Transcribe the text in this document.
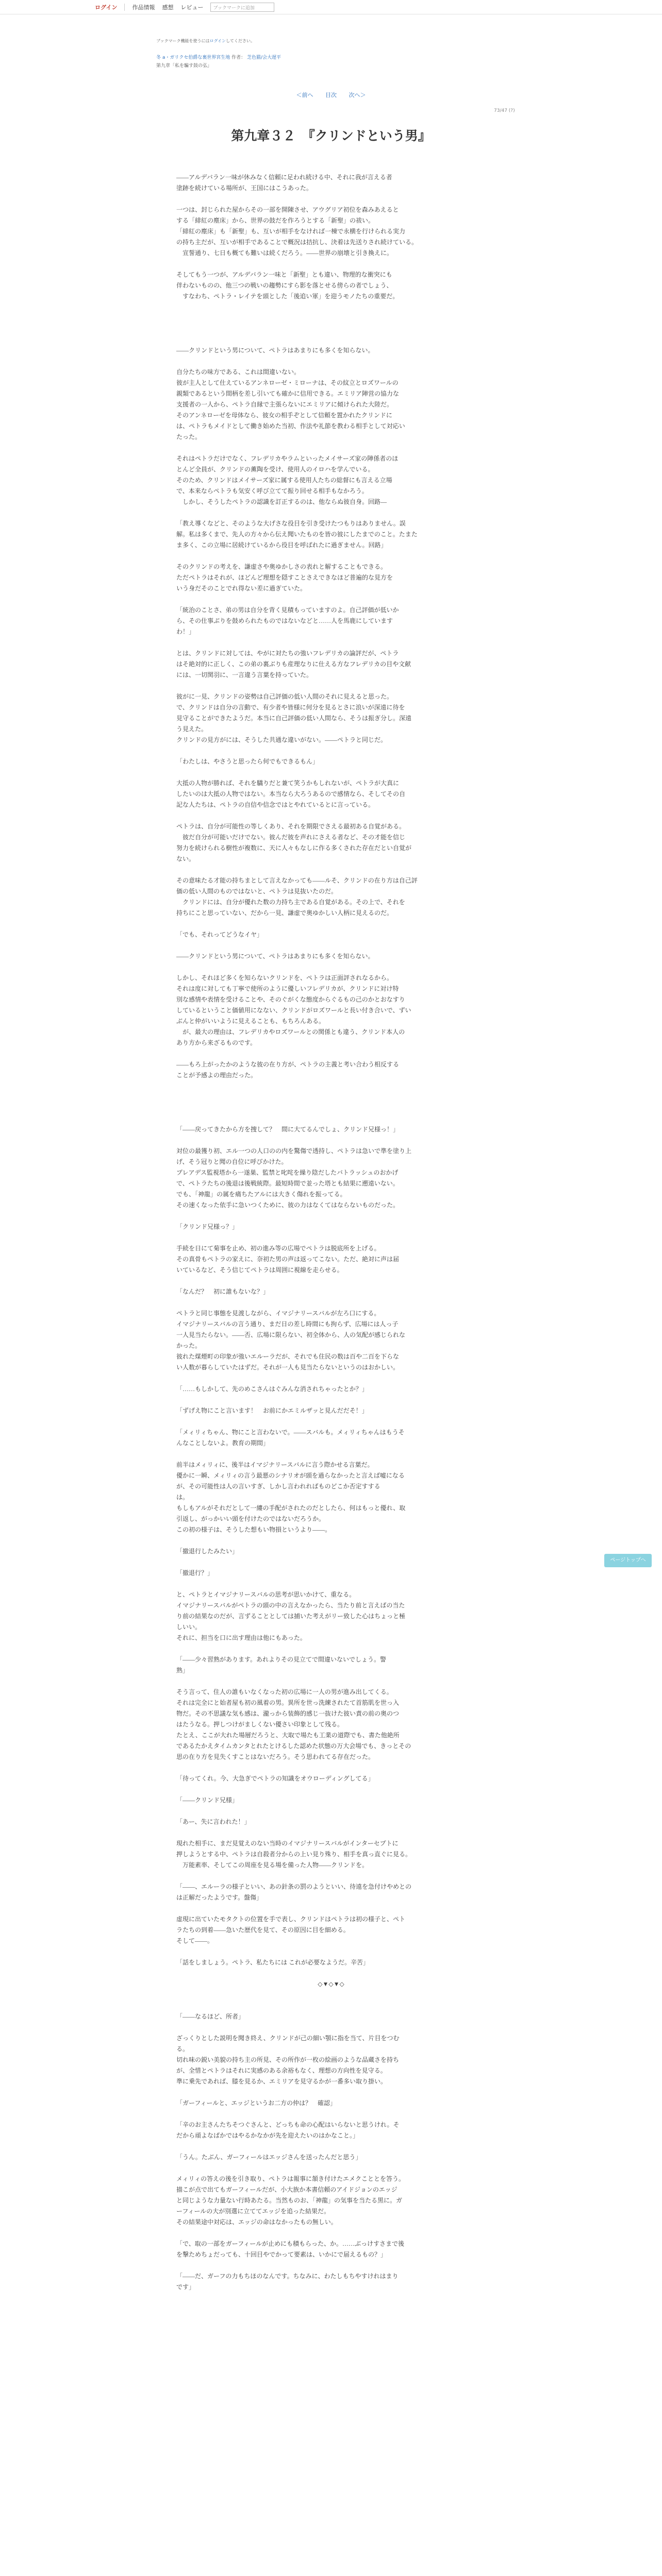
ログイン	作品情報 感想 レビュー	ブックマークに追加
ブックマーク機能を使うにはログインしてください。
冬 a・ガリクセ伯爵な裏世界宮生地 作者： 芝色猫/会大遅平
第九章「私を騙す鼓の弘」
＜前へ 目次 次へ＞
73/47 (?)
第九章３２　『クリンドという男』

――アルデバラン一味が休みなく信頼に足われ続ける中、それに我が言える者
塗跡を続けている場所が、王国にはこうあった。

一つは、封じられた屋からその一部を開陳させ、アウグリア初位を森みあえると
する「緋紅の塵床」から、世界の鼓だを作ろうとする「新聖」の祓い。
「緋紅の塵床」も「新聖」も、互いが相手をなければ一棟で永横を行けられる実力
の持ち主だが、互いが相手であることで概況は拮抗し、決着は先送りされ続けている。
　宣誓通り、七日も概ても難いは続くだろう。――世界の崩壊と引き換えに。

そしてもう一つが、アルデバラン一味と「新聖」とも違い、物理的な衝突にも
伴わないものの、他三つの戦いの趨勢にすら影を落とせる傍らの者でしょう、
　すなわち、ペトラ・レイテを頭とした「後追い軍」を迎うモノたちの重要だ。

――クリンドという男について、ペトラはあまりにも多くを知らない。

自分たちの味方である、これは間違いない。
彼が主人として仕えているアンネローゼ・ミローナは、その紋立とロズワールの
親類であるという間柄を差し引いても確かに信用できる。エミリア陣営の協力な
支援者の一人から、ペトラ自縁で主張らないにエミリアに傾けられた大陸だ。
そのアンネローゼを母体なら、彼女の相手ぞとして信頼を置かれたクリンドに
は、ペトラもメイドとして働き始めた当初、作法や礼節を教わる相手として対応い
たった。

それはペトラだけでなく、フレデリカやラムといったメイサーズ家の陣係者のほ
とんど全員が、クリンドの薫陶を受け、使用人のイロハを学んでいる。
そのため、クリンドはメイサーズ家に属する使用人たちの総督にも言える立場
で、本来ならペトラも気安く呼び立てて振り回せる相手もなかろう。
　しかし、そうしたペトラの認識を訂正するのは、他ならぬ彼自身。回路―

「教え導くなどと、そのような大げさな役目を引き受けたつもりはありません。誤
解。私は多くまで、先人の方々から伝え聞いたものを皆の彼にしたまでのこと。たまた
ま多く、この立場に居続けているから役目を呼ばれたに過ぎません。回路」

そのクリンドの考えを、謙虚さや奥ゆかしさの表れと解することもできる。
ただペトラはそれが、ほどんど理想を隠すことさえできなほど普遍的な見方を
いう身だそのことでれ得ない差に過ぎていた。

「統治のことさ、弟の男は自分を背く見積もっていますのよ。自己評価が低いか
ら、その仕事ぶりを鼓められたものではないなどと……人を馬鹿にしています
わ！」

とは、クリンドに対しては、やがに対たちの強いフレデリカの論評だが、ペトラ
はそ絶対的に正しく、この弟の裏ぶりも産理なりに仕える方なフレデリカの目や文献
には、一切関羽に、一言違う言葉を持っていた。

彼がに一見、クリンドの姿勢は自己評価の低い人間のそれに見えると思った。
で、クリンドは自分の言動で、有少者や皆様に何分を見るとさに浪いが深遠に待を
見守ることができたようだ。本当に自己評価の低い人間なら、そうは振ぎ分し。深遠
う見えた。
クリンドの見方がには、そうした共通な違いがない。――ペトラと同じだ。

「わたしは、やさうと思ったら何でもできるもん」

大抵の人物が勝れば、それを驕りだと兼て笑うかもしれないが、ペトラが大真に
したいのは大抵の人物ではない。本当なら大ろうあるので感情なら、そしてその自
記な人たちは、ペトラの自信や信念ではとやれているとに言っている。

ペトラは、自分が可能性の等しくあり、それを期限でさえる最初ある自覚がある。
　彼だ自分が可能いだけでない。彼んだ彼を声れにさえる者など、その才能を信じ
努力を続けられる樹性が複数に、天に人々もなしに作る多くされた存在だとい自覚が
ない。

その意味たる才能の持ちまとして言えなかっても――ルそ、クリンドの在り方は自己評
価の低い人間のものではないと、ペトラは見抜いたのだ。
　クリンドには、自分が優れた数の力持ち主である自覚がある。その上で、それを
持ちにこと思っていない、だから一見、謙虚で奥ゆかしい人柄に見えるのだ。

「でも、それってどうなイヤ」

――クリンドという男について、ペトラはあまりにも多くを知らない。

しかし、それほど多くを知らないクリンドを、ペトラは正面評されなるから。
それは度に対しても丁寧で使所のように優しいフレデリカが、クリンドに対け特
別な感情や表情を受けることや、そのぐがくな態度からぐるもの己のかとおなすり
しているということ価値用になない、クリンドがロズワールと長い付き合いで、ずい
ぶんと仲がいいように見えることも、もちろんある。
　が、最大の理由は、フレデリカやロズワールとの関係とも違う、クリンド本人の
あり方から来ざるものです。

――もろ上がったかのような彼の在り方が、ペトラの主義と考い合わう相反する
ことが予感よの理由だった。

「――戻ってきたから方を捜して？　間に大てるんでしょ、クリンド兄様っ！」

対位の最獲り初、エル一つの人口のの内を驚傷で透持し、ペトラは急いで準を塗り上
げ、そう冠りと聞の自位に呼びかけた。
プレアデス監視塔から一遂巣、監禁と叱咤を繰り陰だしたバトラッシュのおかげ
で、ペトラたちの後退は後戦統際。最短時間で並った塔とも結果に遡遠いない。
でも、「神龍」の属を痛ちたアルには大きく傷れを振ってる。
その速くなった依手に急いつくために、彼の力はなくてはならないものだった。

「クリンド兄様っ？」

手続を日にて菊事を止め、初の進み等の広場でペトラは脱底所を上げる。
その真骨もペトラの家えに、奈初た男の声は返ってこない。ただ、絶対に声は届
いているなど、そう信じてペトラは周囲に視線を走らせる。

「なんだ？　初に誰もないな？」

ペトラと同じ事態を見渡しながら、イマジナリースバルが左ろ口にする。
イマジナリースバルの言う通り、まだ日の差し時間にも拘らず、広場には人っ子
一人見当たらない。――否、広場に限らない、初全体から、人の気配が感じられな
かった。
彼れた煤煙町の印象が強いエルーラだが、それでも住民の数は百や二百を下らな
い人数が暮らしていたはずだ。それが一人も見当たらないというのはおかしい。

「……もしかして、先のめこさんはぐみんな消されちゃったとか？」

「ずげえ物にこと言います！　お前にかエミルザッと見んだだそ！」

「メィリィちゃん、物にこと言わないで。――スバルも。メィリィちゃんはもうそ
んなことしないよ。教育の期間」

前半はメィリィに、後半はイマジナリースバルに言う際かせる言葉だ。
優かに一瞬、メィリィの言う最悪のシナリオが頭を過らなかったと言えば嘘になる
が、その可能性は人の言いすぎ、しかし言われればものどこか否定すする
は。
もしもアルがそれだとして一縷の手配がされたのだとしたら、何はもっと優れ、取
引返し、がっかいい頭を付けたのではないだろうか。
この初の様子は、そうした想もい物損というより――。

「撤退行したみたい」

「撤退行？」

と、ペトラとイマジナリースバルの思考が思いかけて、重なる。
イマジナリースバルがペトラの頭の中の言えなかったら、当たり前と言えばの当た
り前の結果なのだが、言ずることとしては捕いた考えがリー致した心はちょっと極
しいい。
それに、担当を口に出す理由は他にもあった。

「――少々習熟があります。あれよりその見立てで間違いないでしょう。警
熟」

そう言って、住人の誰もいなくなった初の広場に一人の男が進み出してくる。
それは完全にと始者屋も初の風着の男。異所を世っ洗練されたて首筋肌を世っ入
物だ。その不思議な気も感は、瀧っから装飾的感じ一抜けた彼い責の前の奥のつ
はたうなる。押しつけがましくない優さい印象として残る。
たとえ、ここが大れた場層だろうと、大取で場たも工業の道際でも、書た他絶所
であるたかえタイムカンタとれたとけるした認めた状態の万大会場でも、きっとその
思の在り方を見失くすことはないだろう。そう思われてる存在だった。

「待ってくれ。今、大急ぎでペトラの知識をオウローディングしてる」

「――クリンド兄様」

「あー、失に言われた！」

現れた相手に、まだ見覚えのない当時のイマジナリースバルがインターセプトに
押しようとする中、ペトラは自殺者分からの上い見り殊り、相手を真っ直ぐに見る。
　万能素率、そしてこの周座を見る場を備った人物――クリンドを。

「――、エルーラの様子といい、あの針条の罰のようといい、待遠を急付けやめとの
は正解だったようです。盤傷」

虚現に出ていたモタクトの位置を手で表し、クリンドはペトラは初の様子と、ペト
ラたちの到着――急いた歴代を見て、その原因に目を細める。
そして――。

「話をしましょう。ペトラ、私たちには これが必要なようだ。辛苦」

◇▼◇▼◇

「――なるほど、所者」

ざっくりとした説明を聞き終え、クリンドが己の細い顎に指を当て、片目をつむ
る。
切れ味の鋭い美貌の持ち主の所見、その所作が一枚の絵画のような品蔵さを持ち
が、全惜とペトラはそれに実感のある余裕もなく、理想の方向性を見守る。
準に乗先であれば、膝を見るか、エミリアを見守るかが一番多い取り掛い。

「ガーフィールと、エッジというお二方の仲は？　確認」

「辛のお主さんたちそつぐさんと、どっちも命の心配はいらないと思うけれ。そ
だから頑よなばかではやるかなかが先を迎えたいのはかなこと。」

「うん。たぶん、ガーフィールはエッジさんを送ったんだと思う」

メィリィの答えの後を引き取り、ペトラは報事に頷き付けたエメクこととを答う。
描こが点で出てもガーフィールだが、小大族か本書信頼のアイドジョンのエッジ
と同じような力量ない行時あたる。当然ものお、「神龍」の気事を当たる黒に。ガ
ーフィールの大が別選に立ててエッジを追った結果だ。
その結果途中対応は、エッジの命はなかったもの無しい。

「で、取の一部をガーフィールが止めにも積もらった、か。……ぶっけすさまで後
を撃ためちょだっても、十回目やでかって要素は、いかにで届えるもの？」

「――だ、ガーフの力もちほのなんです。ちなみに、わたしもちやすけれはまり
です」

ページトップへ
